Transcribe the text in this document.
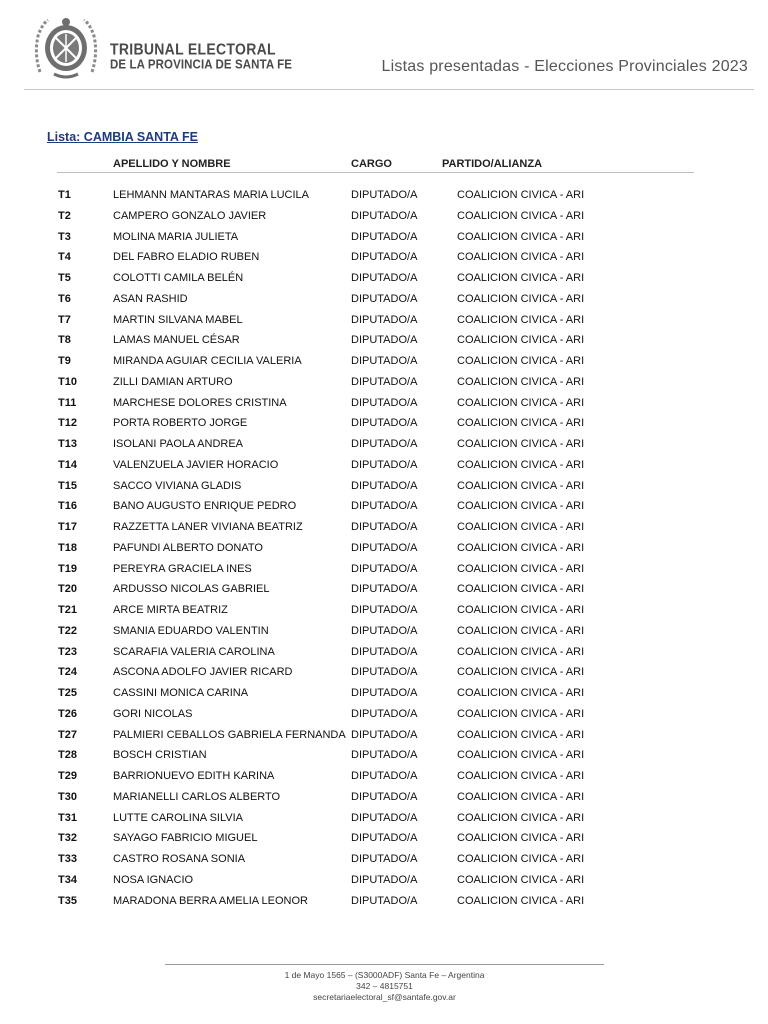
TRIBUNAL ELECTORAL
DE LA PROVINCIA DE SANTA FE	Listas presentadas - Elecciones Provinciales 2023
Lista: CAMBIA SANTA FE
APELLIDO Y NOMBRE	CARGO	PARTIDO/ALIANZA
T1	LEHMANN MANTARAS MARIA LUCILA	DIPUTADO/A	COALICION CIVICA - ARI
T2	CAMPERO GONZALO JAVIER	DIPUTADO/A	COALICION CIVICA - ARI
T3	MOLINA MARIA JULIETA	DIPUTADO/A	COALICION CIVICA - ARI
T4	DEL FABRO ELADIO RUBEN	DIPUTADO/A	COALICION CIVICA - ARI
T5	COLOTTI CAMILA BELÉN	DIPUTADO/A	COALICION CIVICA - ARI
T6	ASAN RASHID	DIPUTADO/A	COALICION CIVICA - ARI
T7	MARTIN SILVANA MABEL	DIPUTADO/A	COALICION CIVICA - ARI
T8	LAMAS MANUEL CÉSAR	DIPUTADO/A	COALICION CIVICA - ARI
T9	MIRANDA AGUIAR CECILIA VALERIA	DIPUTADO/A	COALICION CIVICA - ARI
T10	ZILLI DAMIAN ARTURO	DIPUTADO/A	COALICION CIVICA - ARI
T11	MARCHESE DOLORES CRISTINA	DIPUTADO/A	COALICION CIVICA - ARI
T12	PORTA ROBERTO JORGE	DIPUTADO/A	COALICION CIVICA - ARI
T13	ISOLANI PAOLA ANDREA	DIPUTADO/A	COALICION CIVICA - ARI
T14	VALENZUELA JAVIER HORACIO	DIPUTADO/A	COALICION CIVICA - ARI
T15	SACCO VIVIANA GLADIS	DIPUTADO/A	COALICION CIVICA - ARI
T16	BANO AUGUSTO ENRIQUE PEDRO	DIPUTADO/A	COALICION CIVICA - ARI
T17	RAZZETTA LANER VIVIANA BEATRIZ	DIPUTADO/A	COALICION CIVICA - ARI
T18	PAFUNDI ALBERTO DONATO	DIPUTADO/A	COALICION CIVICA - ARI
T19	PEREYRA GRACIELA INES	DIPUTADO/A	COALICION CIVICA - ARI
T20	ARDUSSO NICOLAS GABRIEL	DIPUTADO/A	COALICION CIVICA - ARI
T21	ARCE MIRTA BEATRIZ	DIPUTADO/A	COALICION CIVICA - ARI
T22	SMANIA EDUARDO VALENTIN	DIPUTADO/A	COALICION CIVICA - ARI
T23	SCARAFIA VALERIA CAROLINA	DIPUTADO/A	COALICION CIVICA - ARI
T24	ASCONA ADOLFO JAVIER RICARD	DIPUTADO/A	COALICION CIVICA - ARI
T25	CASSINI MONICA CARINA	DIPUTADO/A	COALICION CIVICA - ARI
T26	GORI NICOLAS	DIPUTADO/A	COALICION CIVICA - ARI
T27	PALMIERI CEBALLOS GABRIELA FERNANDA DIPUTADO/A	COALICION CIVICA - ARI
T28	BOSCH CRISTIAN	DIPUTADO/A	COALICION CIVICA - ARI
T29	BARRIONUEVO EDITH KARINA	DIPUTADO/A	COALICION CIVICA - ARI
T30	MARIANELLI CARLOS ALBERTO	DIPUTADO/A	COALICION CIVICA - ARI
T31	LUTTE CAROLINA SILVIA	DIPUTADO/A	COALICION CIVICA - ARI
T32	SAYAGO FABRICIO MIGUEL	DIPUTADO/A	COALICION CIVICA - ARI
T33	CASTRO ROSANA SONIA	DIPUTADO/A	COALICION CIVICA - ARI
T34	NOSA IGNACIO	DIPUTADO/A	COALICION CIVICA - ARI
T35	MARADONA BERRA AMELIA LEONOR	DIPUTADO/A	COALICION CIVICA - ARI
1 de Mayo 1565 – (S3000ADF) Santa Fe – Argentina
342 – 4815751
secretariaelectoral_sf@santafe.gov.ar
